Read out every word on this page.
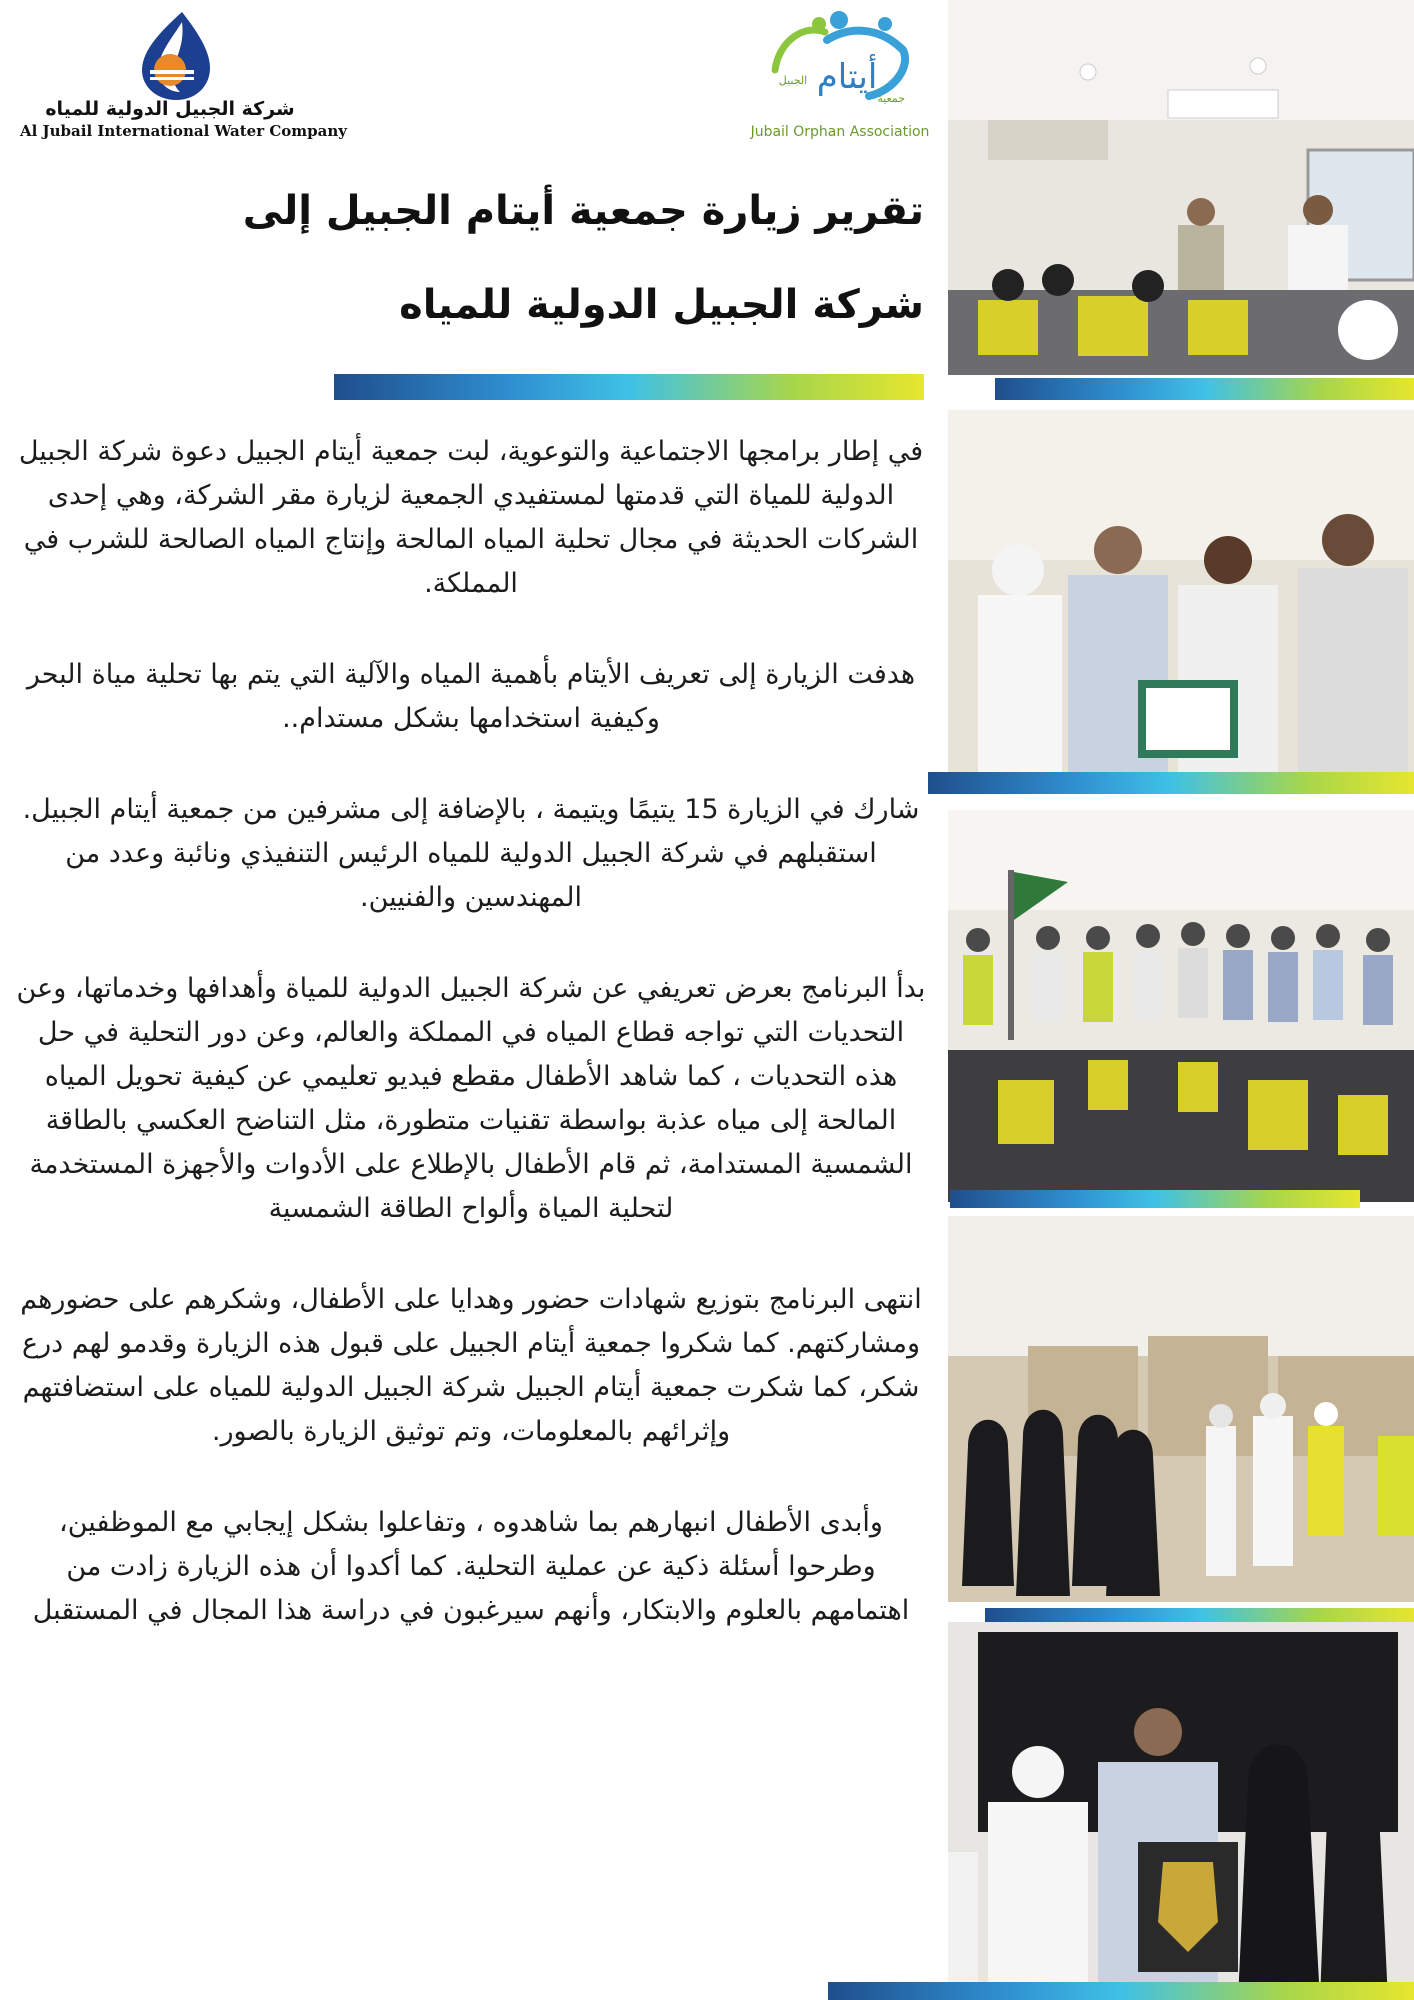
شركة الجبيل الدولية للمياه
Al Jubail International Water Company
أيتام
جمعية
الجبيل
Jubail Orphan Association
تقرير زيارة جمعية أيتام الجبيل إلى
شركة الجبيل الدولية للمياه

في إطار برامجها الاجتماعية والتوعوية، لبت جمعية أيتام الجبيل دعوة شركة الجبيل الدولية للمياة التي قدمتها لمستفيدي الجمعية لزيارة مقر الشركة، وهي إحدى الشركات الحديثة في مجال تحلية المياه المالحة وإنتاج المياه الصالحة للشرب في المملكة.

هدفت الزيارة إلى تعريف الأيتام بأهمية المياه والآلية التي يتم بها تحلية مياة البحر وكيفية استخدامها بشكل مستدام..

شارك في الزيارة 15 يتيمًا ويتيمة ، بالإضافة إلى مشرفين من جمعية أيتام الجبيل. استقبلهم في شركة الجبيل الدولية للمياه الرئيس التنفيذي ونائبة وعدد من المهندسين والفنيين.

بدأ البرنامج بعرض تعريفي عن شركة الجبيل الدولية للمياة وأهدافها وخدماتها، وعن التحديات التي تواجه قطاع المياه في المملكة والعالم، وعن دور التحلية في حل هذه التحديات ، كما شاهد الأطفال مقطع فيديو تعليمي عن كيفية تحويل المياه المالحة إلى مياه عذبة بواسطة تقنيات متطورة، مثل التناضح العكسي بالطاقة الشمسية المستدامة، ثم قام الأطفال بالإطلاع على الأدوات والأجهزة المستخدمة لتحلية المياة وألواح الطاقة الشمسية

انتهى البرنامج بتوزيع شهادات حضور وهدايا على الأطفال، وشكرهم على حضورهم ومشاركتهم. كما شكروا جمعية أيتام الجبيل على قبول هذه الزيارة وقدمو لهم درع شكر، كما شكرت جمعية أيتام الجبيل شركة الجبيل الدولية للمياه على استضافتهم وإثرائهم بالمعلومات، وتم توثيق الزيارة بالصور.

وأبدى الأطفال انبهارهم بما شاهدوه ، وتفاعلوا بشكل إيجابي مع الموظفين، وطرحوا أسئلة ذكية عن عملية التحلية. كما أكدوا أن هذه الزيارة زادت من اهتمامهم بالعلوم والابتكار، وأنهم سيرغبون في دراسة هذا المجال في المستقبل
